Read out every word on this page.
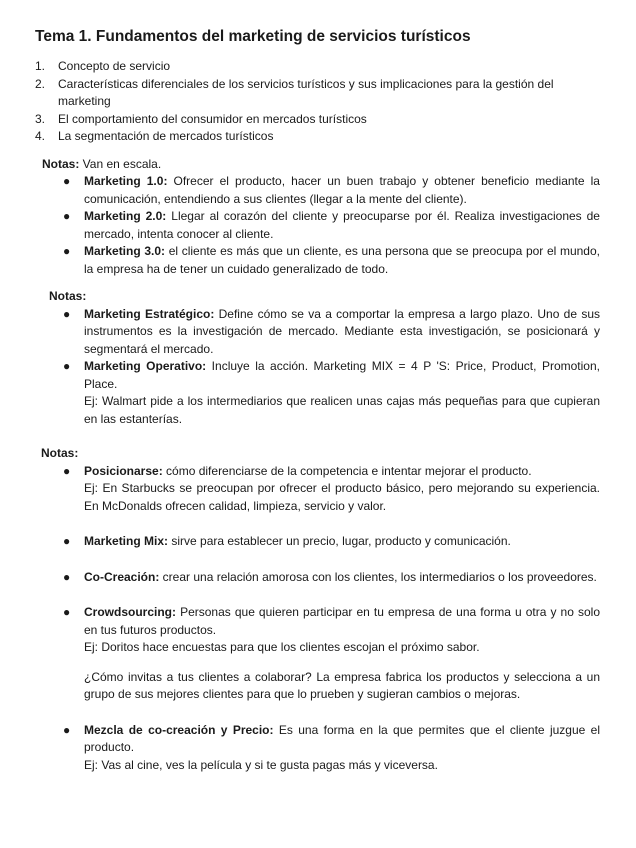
Tema 1. Fundamentos del marketing de servicios turísticos
1.	Concepto de servicio
2.	Características diferenciales de los servicios turísticos y sus implicaciones para la gestión del marketing
3.	El comportamiento del consumidor en mercados turísticos
4.	La segmentación de mercados turísticos
Notas: Van en escala.
● Marketing 1.0: Ofrecer el producto, hacer un buen trabajo y obtener beneficio mediante la comunicación, entendiendo a sus clientes (llegar a la mente del cliente).
● Marketing 2.0: Llegar al corazón del cliente y preocuparse por él. Realiza investigaciones de mercado, intenta conocer al cliente.
● Marketing 3.0: el cliente es más que un cliente, es una persona que se preocupa por el mundo, la empresa ha de tener un cuidado generalizado de todo.
Notas:
● Marketing Estratégico: Define cómo se va a comportar la empresa a largo plazo. Uno de sus instrumentos es la investigación de mercado. Mediante esta investigación, se posicionará y segmentará el mercado.
● Marketing Operativo: Incluye la acción. Marketing MIX = 4 P 'S: Price, Product, Promotion, Place.
Ej: Walmart pide a los intermediarios que realicen unas cajas más pequeñas para que cupieran en las estanterías.
Notas:
● Posicionarse: cómo diferenciarse de la competencia e intentar mejorar el producto.
Ej: En Starbucks se preocupan por ofrecer el producto básico, pero mejorando su experiencia. En McDonalds ofrecen calidad, limpieza, servicio y valor.
● Marketing Mix: sirve para establecer un precio, lugar, producto y comunicación.
● Co-Creación: crear una relación amorosa con los clientes, los intermediarios o los proveedores.
● Crowdsourcing: Personas que quieren participar en tu empresa de una forma u otra y no solo en tus futuros productos.
Ej: Doritos hace encuestas para que los clientes escojan el próximo sabor.
¿Cómo invitas a tus clientes a colaborar? La empresa fabrica los productos y selecciona a un grupo de sus mejores clientes para que lo prueben y sugieran cambios o mejoras.
● Mezcla de co-creación y Precio: Es una forma en la que permites que el cliente juzgue el producto.
Ej: Vas al cine, ves la película y si te gusta pagas más y viceversa.
